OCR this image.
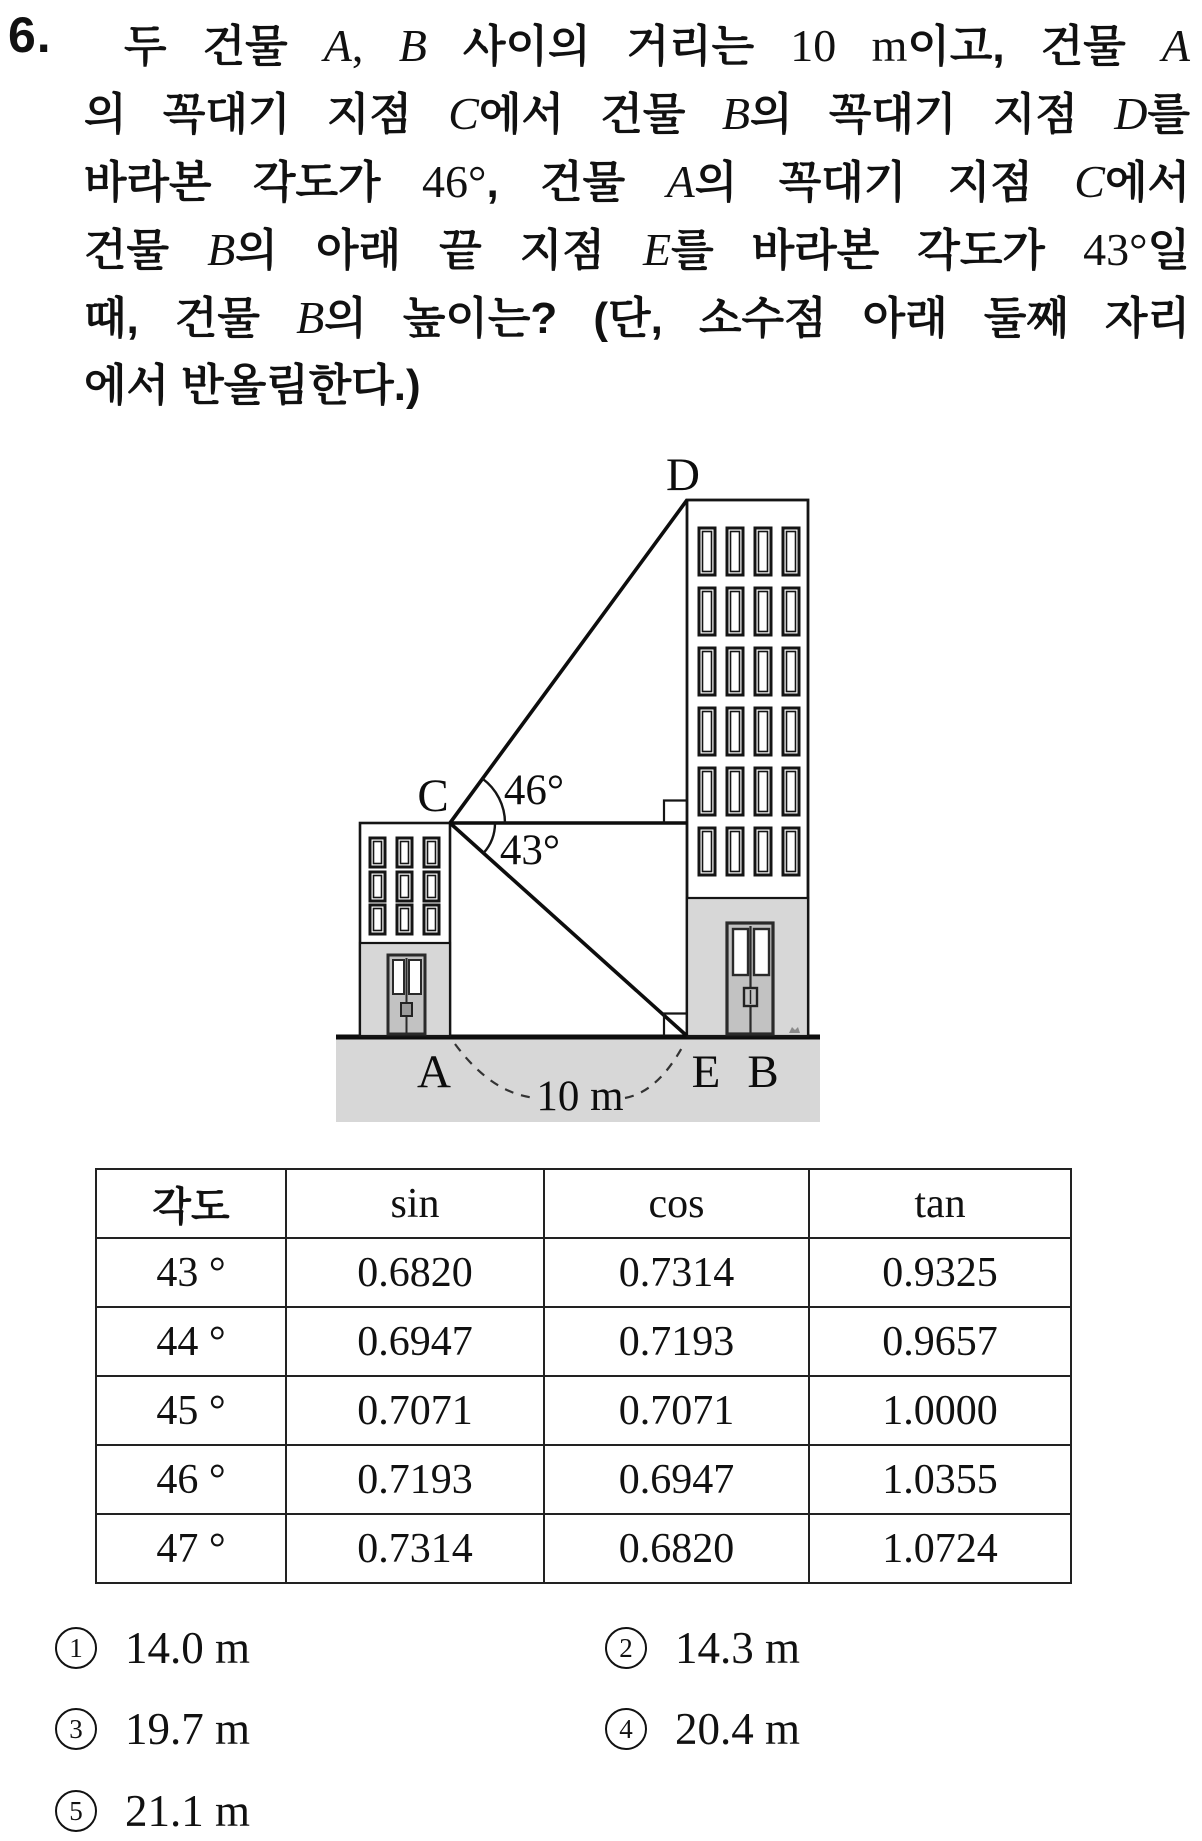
6.	두 건물 A, B 사이의 거리는 10 m이고, 건물 A
의 꼭대기 지점 C에서 건물 B의 꼭대기 지점 D를
바라본 각도가 46°, 건물 A의 꼭대기 지점 C에서
건물 B의 아래 끝 지점 E를 바라본 각도가 43°일
때, 건물 B의 높이는? (단, 소수점 아래 둘째 자리
에서 반올림한다.)
D
C
A	E B
46°
43°
10 m
각도	sin	cos	tan
43 °	0.6820	0.7314	0.9325
44 °	0.6947	0.7193	0.9657
45 °	0.7071	0.7071	1.0000
46 °	0.7193	0.6947	1.0355
47 °	0.7314	0.6820	1.0724
1 14.0 m	2 14.3 m
3 19.7 m	4 20.4 m
5 21.1 m
